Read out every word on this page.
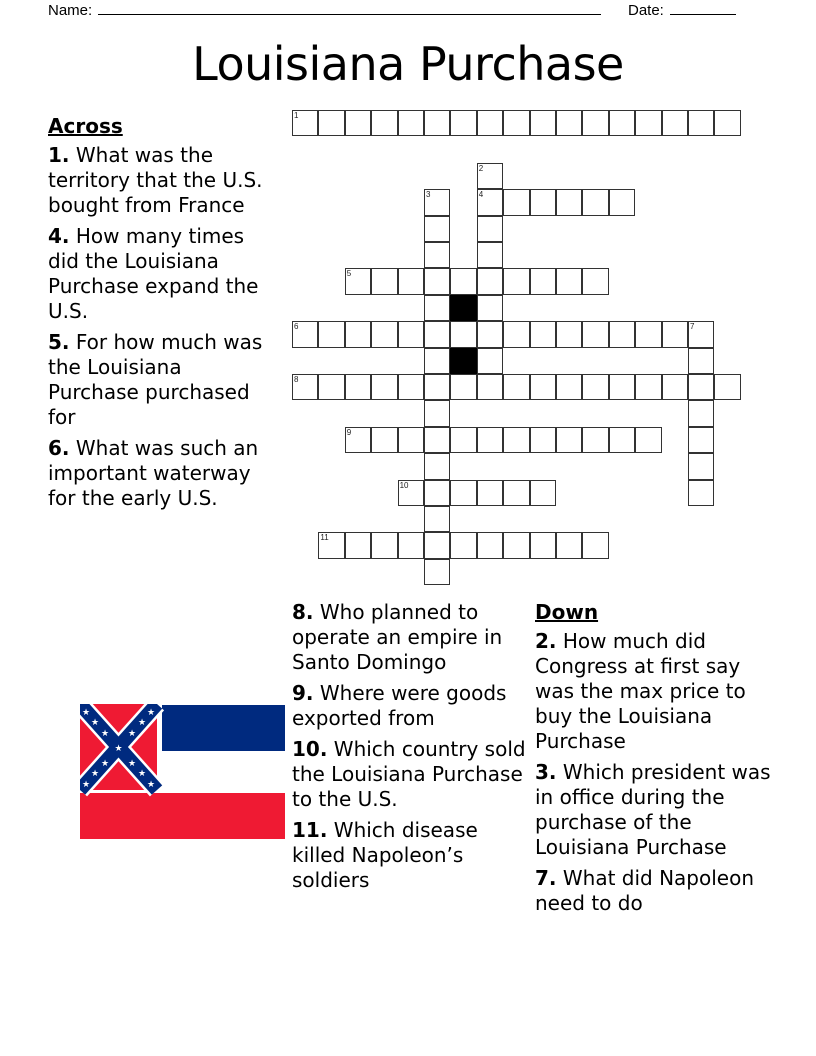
Name:	Date:
Louisiana Purchase
1
2
4
3
5
6	7
8
9
10
11
Across
1. What was the territory that the U.S. bought from France
4. How many times did the Louisiana Purchase expand the U.S.
5. For how much was the Louisiana Purchase purchased for
6. What was such an important waterway for the early U.S.
8. Who planned to operate an empire in Santo Domingo
9. Where were goods exported from
10. Which country sold the Louisiana Purchase to the U.S.
11. Which disease killed Napoleon’s soldiers
Down
2. How much did Congress at first say was the max price to buy the Louisiana Purchase
3. Which president was in office during the purchase of the Louisiana Purchase
7. What did Napoleon need to do
★
★
★
★
★
★
★
★
★
★
★
★
★
